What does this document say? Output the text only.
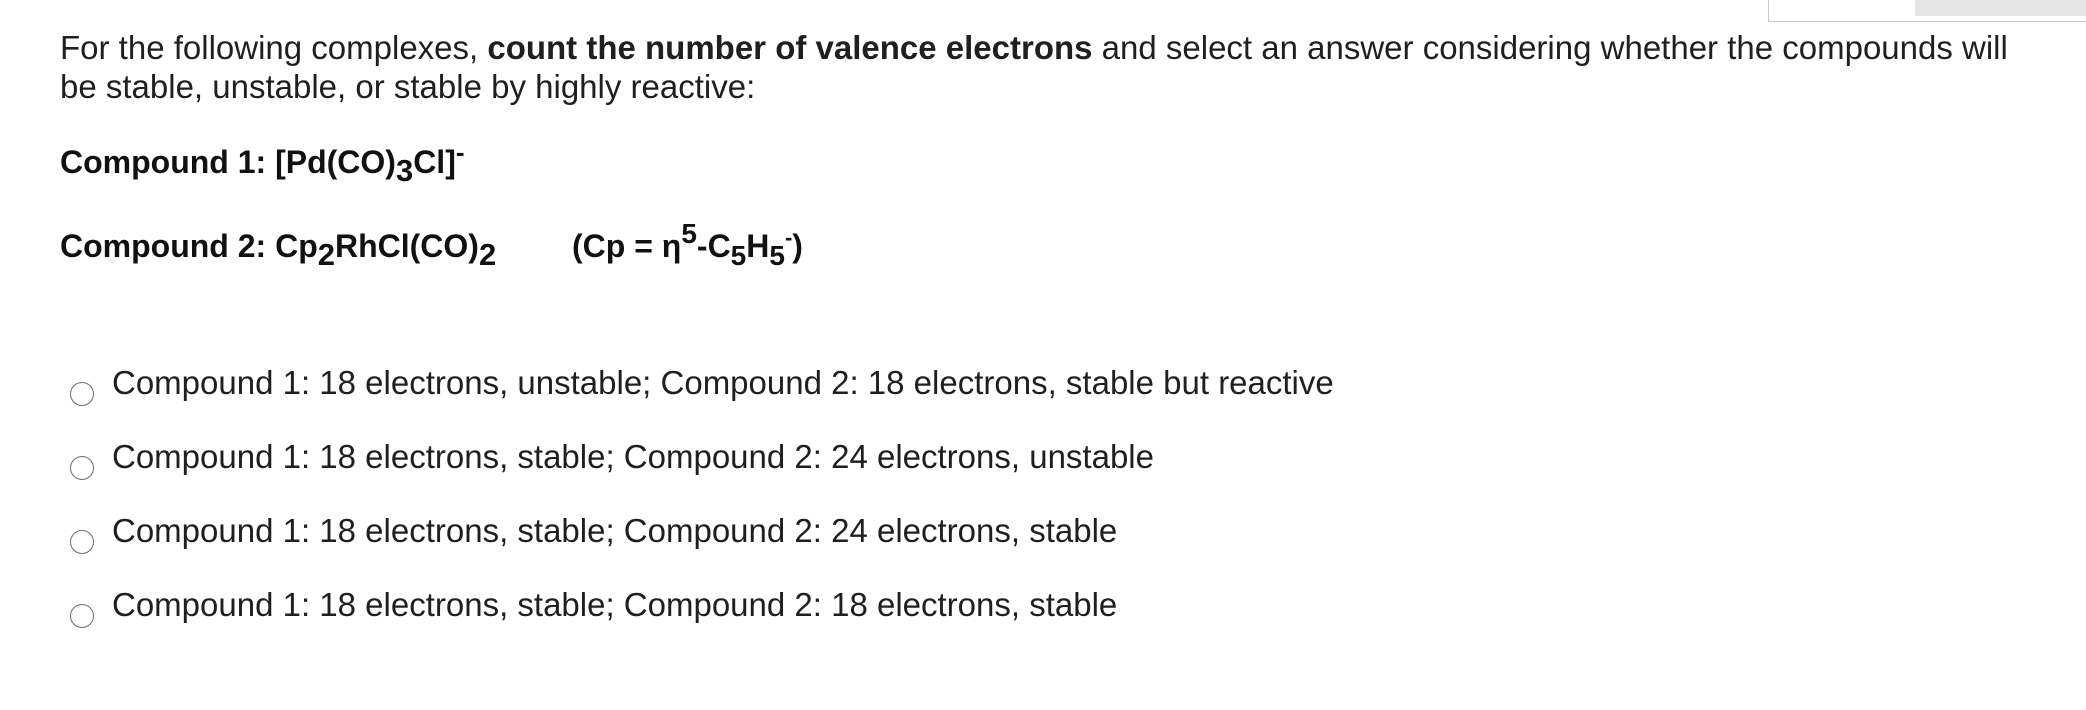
For the following complexes, count the number of valence electrons and select an answer considering whether the compounds will be stable, unstable, or stable by highly reactive:
Compound 1: $[Pd(CO)_3Cl]^-$
Compound 2: $Cp_2RhCl(CO)_2$ $(Cp = \eta^5-C_5H_5^-)$
Compound 1: 18 electrons, unstable; Compound 2: 18 electrons, stable but reactive
Compound 1: 18 electrons, stable; Compound 2: 24 electrons, unstable
Compound 1: 18 electrons, stable; Compound 2: 24 electrons, stable
Compound 1: 18 electrons, stable; Compound 2: 18 electrons, stable
